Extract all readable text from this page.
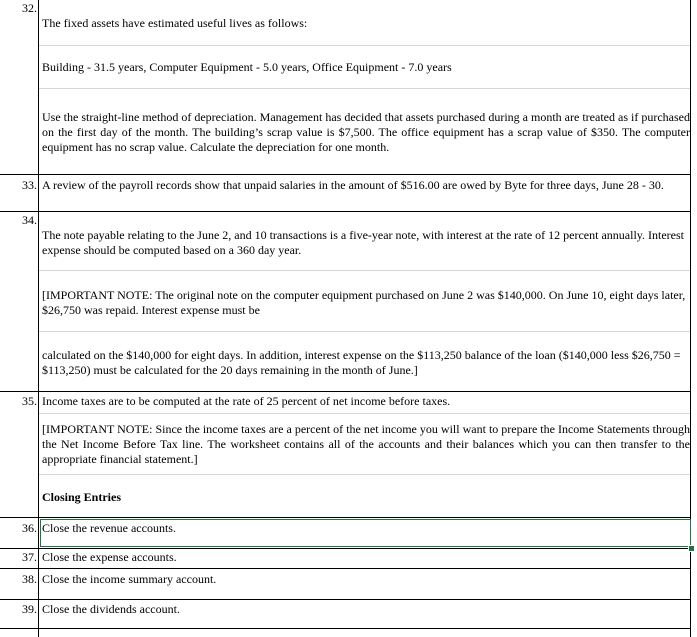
32.
The fixed assets have estimated useful lives as follows:
Building - 31.5 years, Computer Equipment - 5.0 years, Office Equipment - 7.0 years
Use the straight-line method of depreciation. Management has decided that assets purchased during a month are treated as if purchased on the first day of the month. The building’s scrap value is $7,500. The office equipment has a scrap value of $350. The computer equipment has no scrap value. Calculate the depreciation for one month.
33. A review of the payroll records show that unpaid salaries in the amount of $516.00 are owed by Byte for three days, June 28 - 30.
34.
The note payable relating to the June 2, and 10 transactions is a five-year note, with interest at the rate of 12 percent annually. Interest expense should be computed based on a 360 day year.
[IMPORTANT NOTE: The original note on the computer equipment purchased on June 2 was $140,000. On June 10, eight days later, $26,750 was repaid. Interest expense must be
calculated on the $140,000 for eight days. In addition, interest expense on the $113,250 balance of the loan ($140,000 less $26,750 = $113,250) must be calculated for the 20 days remaining in the month of June.]
35. Income taxes are to be computed at the rate of 25 percent of net income before taxes.
[IMPORTANT NOTE: Since the income taxes are a percent of the net income you will want to prepare the Income Statements through the Net Income Before Tax line. The worksheet contains all of the accounts and their balances which you can then transfer to the appropriate financial statement.]
Closing Entries
36. Close the revenue accounts.
37. Close the expense accounts.
38. Close the income summary account.
39. Close the dividends account.
